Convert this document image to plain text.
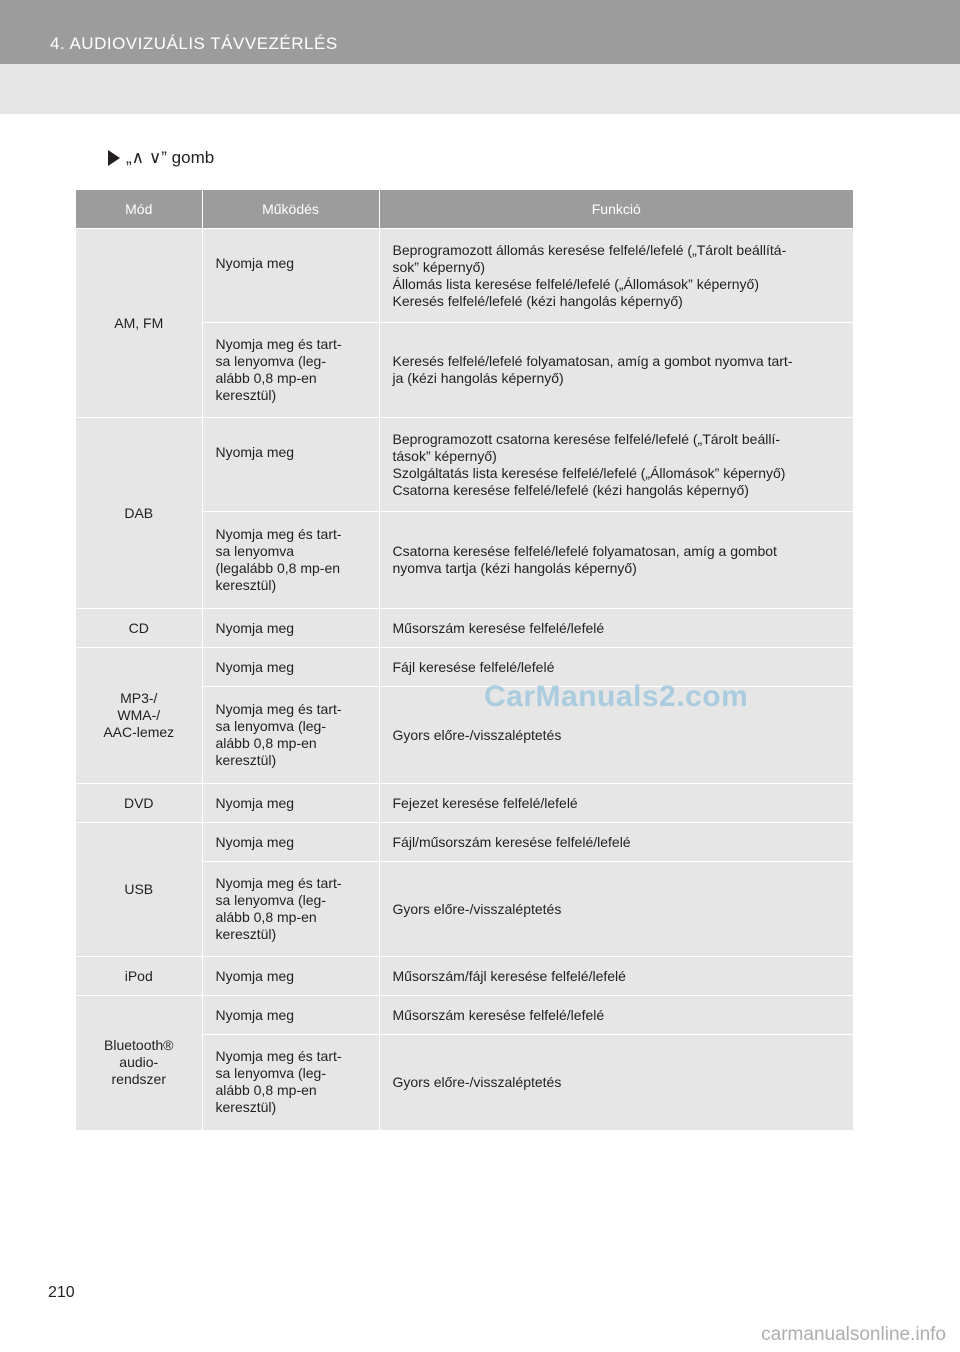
4. AUDIOVIZUÁLIS TÁVVEZÉRLÉS
„∧ ∨” gomb
Mód	Működés	Funkció
AM, FM	Nyomja meg	Beprogramozott állomás keresése felfelé/lefelé („Tárolt beállítá-
sok” képernyő)
Állomás lista keresése felfelé/lefelé („Állomások” képernyő)
Keresés felfelé/lefelé (kézi hangolás képernyő)
	Nyomja meg és tart-
sa lenyomva (leg-
alább 0,8 mp-en
keresztül)	Keresés felfelé/lefelé folyamatosan, amíg a gombot nyomva tart-
ja (kézi hangolás képernyő)
DAB	Nyomja meg	Beprogramozott csatorna keresése felfelé/lefelé („Tárolt beállí-
tások” képernyő)
Szolgáltatás lista keresése felfelé/lefelé („Állomások” képernyő)
Csatorna keresése felfelé/lefelé (kézi hangolás képernyő)
	Nyomja meg és tart-
sa lenyomva
(legalább 0,8 mp-en
keresztül)	Csatorna keresése felfelé/lefelé folyamatosan, amíg a gombot
nyomva tartja (kézi hangolás képernyő)
CD	Nyomja meg	Műsorszám keresése felfelé/lefelé
MP3-/
WMA-/
AAC-lemez	Nyomja meg	Fájl keresése felfelé/lefelé
	Nyomja meg és tart-
sa lenyomva (leg-
alább 0,8 mp-en
keresztül)	Gyors előre-/visszaléptetés
DVD	Nyomja meg	Fejezet keresése felfelé/lefelé
USB	Nyomja meg	Fájl/műsorszám keresése felfelé/lefelé
	Nyomja meg és tart-
sa lenyomva (leg-
alább 0,8 mp-en
keresztül)	Gyors előre-/visszaléptetés
iPod	Nyomja meg	Műsorszám/fájl keresése felfelé/lefelé
Bluetooth®
audio-
rendszer	Nyomja meg	Műsorszám keresése felfelé/lefelé
	Nyomja meg és tart-
sa lenyomva (leg-
alább 0,8 mp-en
keresztül)	Gyors előre-/visszaléptetés
CarManuals2.com
210
carmanualsonline.info
